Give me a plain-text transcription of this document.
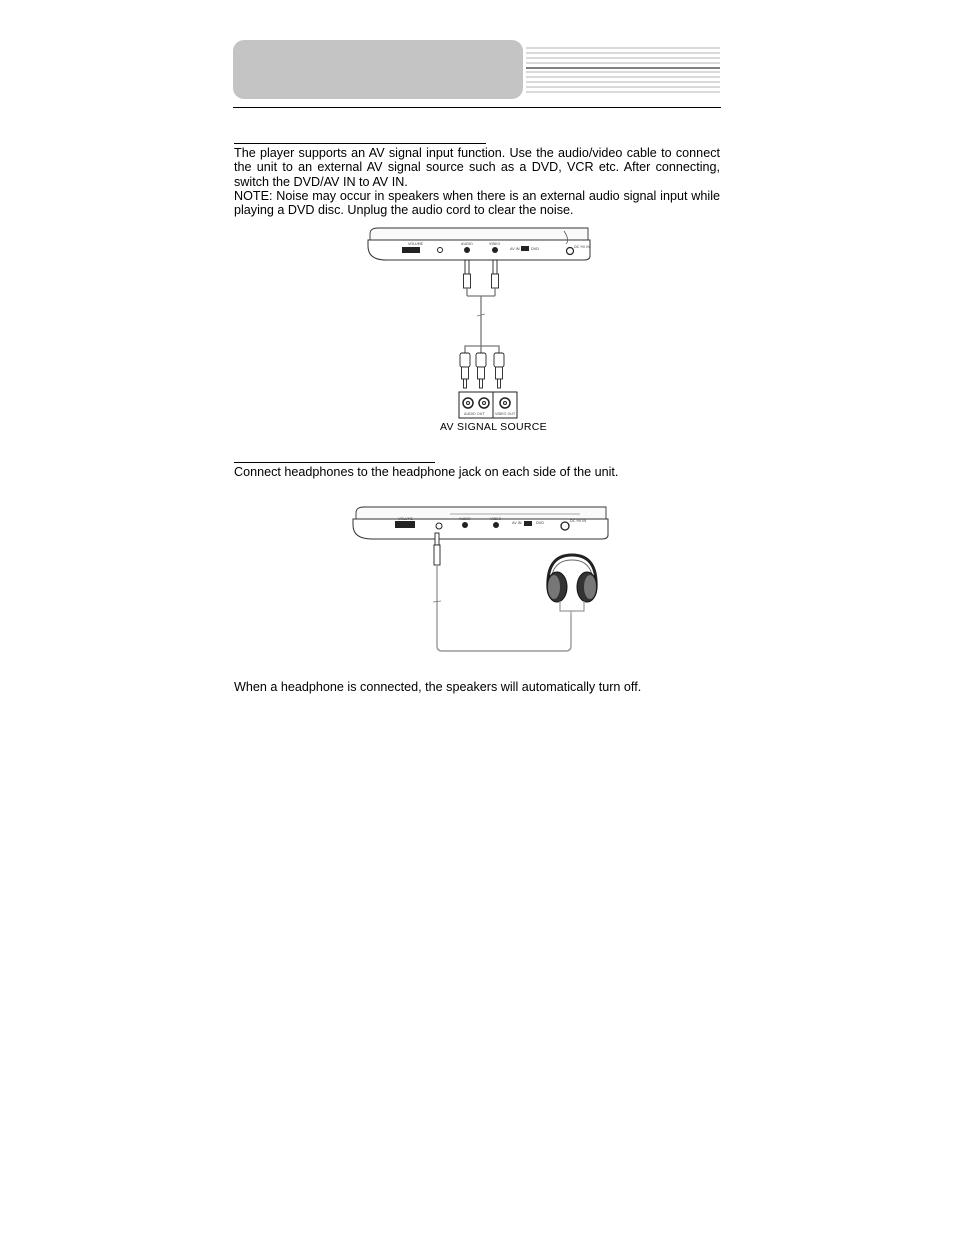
The player supports an AV signal input function. Use the audio/video cable to connect the unit to an external AV signal source such as a DVD, VCR etc. After connecting, switch the DVD/AV IN to AV IN.

NOTE: Noise may occur in speakers when there is an external audio signal input while playing a DVD disc. Unplug the audio cord to clear the noise.

VOLUME	AUDIO	VIDEO
AV IN	DVD	DC 9V IN
AUDIO OUT	VIDEO OUT
AV SIGNAL SOURCE

Connect headphones to the headphone jack on each side of the unit.

VOLUME	AUDIO	VIDEO
AV IN	DVD	DC 9V IN

When a headphone is connected, the speakers will automatically turn off.
